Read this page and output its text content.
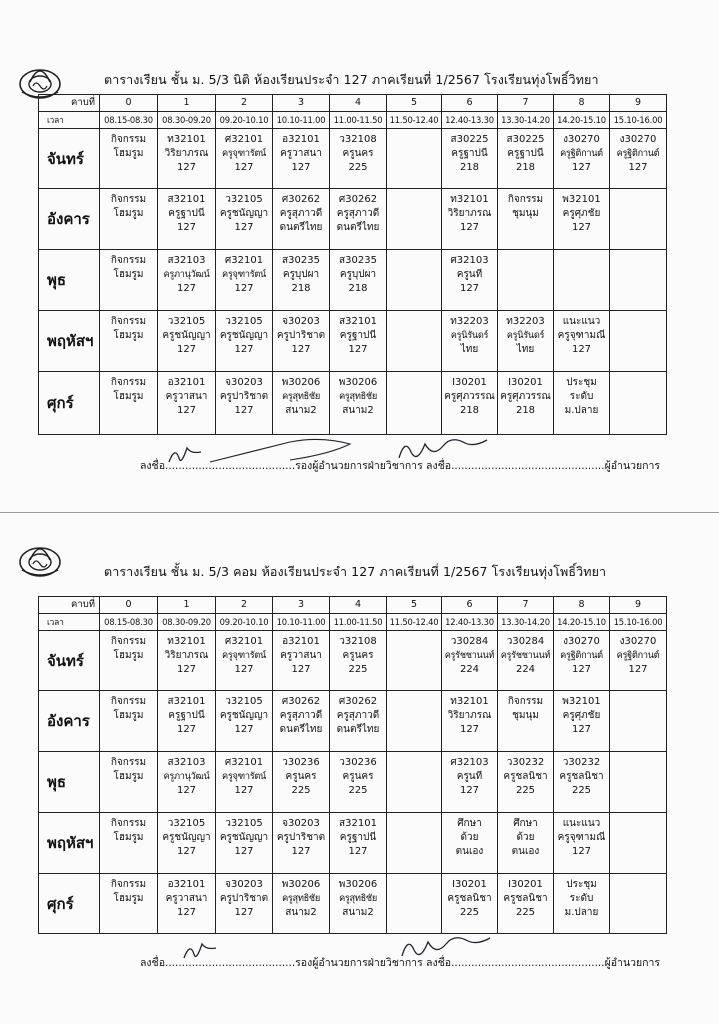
ตารางเรียน ชั้น ม. 5/3 นิติ ห้องเรียนประจำ 127 ภาคเรียนที่ 1/2567 โรงเรียนทุ่งโพธิ์วิทยา
คาบที่	0	1	2	3	4	5	6	7	8	9
เวลา	08.15-08.30	08.30-09.20	09.20-10.10	10.10-11.00	11.00-11.50	11.50-12.40	12.40-13.30	13.30-14.20	14.20-15.10	15.10-16.00
จันทร์	กิจกรรม
โฮมรูม	ท32101
วิริยาภรณ
127	ศ32101
ครูจุฑารัตน์
127	อ32101
ครูวาสนา
127	ว32108
ครูนคร
225		ส30225
ครูฐาปนี
218	ส30225
ครูฐาปนี
218	ง30270
ครูฐิติกานต์
127	ง30270
ครูฐิติกานต์
127

อังคาร	กิจกรรม
โฮมรูม	ส32101
ครูฐาปนี
127	ว32105
ครูชนัญญา
127	ศ30262
ครูสุภาวดี
ดนตรีไทย	ศ30262
ครูสุภาวดี
ดนตรีไทย		ท32101
วิริยาภรณ
127	กิจกรรม
ชุมนุม	พ32101
ครูศุภชัย
127	

พุธ	กิจกรรม
โฮมรูม	ส32103
ครูภานุวัฒน์
127	ศ32101
ครูจุฑารัตน์
127	ส30235
ครูบุปผา
218	ส30235
ครูบุปผา
218		ศ32103
ครูนที
127			

พฤหัสฯ	กิจกรรม
โฮมรูม	ว32105
ครูชนัญญา
127	ว32105
ครูชนัญญา
127	จ30203
ครูปาริชาต
127	ส32101
ครูฐาปนี
127		ท32203
ครูนิรันดร์
ไทย	ท32203
ครูนิรันดร์
ไทย	แนะแนว
ครูจุฑามณี
127	

ศุกร์	กิจกรรม
โฮมรูม	อ32101
ครูวาสนา
127	จ30203
ครูปาริชาต
127	พ30206
ครูสุทธิชัย
สนาม2	พ30206
ครูสุทธิชัย
สนาม2		I30201
ครูศุภวรรณ
218	I30201
ครูศุภวรรณ
218	ประชุม
ระดับ
ม.ปลาย	

ลงชื่อ.......................................รองผู้อำนวยการฝ่ายวิชาการ ลงชื่อ..............................................ผู้อำนวยการ
ตารางเรียน ชั้น ม. 5/3 คอม ห้องเรียนประจำ 127 ภาคเรียนที่ 1/2567 โรงเรียนทุ่งโพธิ์วิทยา
คาบที่	0	1	2	3	4	5	6	7	8	9
เวลา	08.15-08.30	08.30-09.20	09.20-10.10	10.10-11.00	11.00-11.50	11.50-12.40	12.40-13.30	13.30-14.20	14.20-15.10	15.10-16.00
จันทร์	กิจกรรม
โฮมรูม	ท32101
วิริยาภรณ
127	ศ32101
ครูจุฑารัตน์
127	อ32101
ครูวาสนา
127	ว32108
ครูนคร
225		ว30284
ครูรัชชานนท์
224	ว30284
ครูรัชชานนท์
224	ง30270
ครูฐิติกานต์
127	ง30270
ครูฐิติกานต์
127

อังคาร	กิจกรรม
โฮมรูม	ส32101
ครูฐาปนี
127	ว32105
ครูชนัญญา
127	ศ30262
ครูสุภาวดี
ดนตรีไทย	ศ30262
ครูสุภาวดี
ดนตรีไทย		ท32101
วิริยาภรณ
127	กิจกรรม
ชุมนุม	พ32101
ครูศุภชัย
127	

พุธ	กิจกรรม
โฮมรูม	ส32103
ครูภานุวัฒน์
127	ศ32101
ครูจุฑารัตน์
127	ว30236
ครูนคร
225	ว30236
ครูนคร
225		ศ32103
ครูนที
127	ว30232
ครูชลนิชา
225	ว30232
ครูชลนิชา
225	

พฤหัสฯ	กิจกรรม
โฮมรูม	ว32105
ครูชนัญญา
127	ว32105
ครูชนัญญา
127	จ30203
ครูปาริชาต
127	ส32101
ครูฐาปนี
127		ศึกษา
ด้วย
ตนเอง	ศึกษา
ด้วย
ตนเอง	แนะแนว
ครูจุฑามณี
127	

ศุกร์	กิจกรรม
โฮมรูม	อ32101
ครูวาสนา
127	จ30203
ครูปาริชาต
127	พ30206
ครูสุทธิชัย
สนาม2	พ30206
ครูสุทธิชัย
สนาม2		I30201
ครูชลนิชา
225	I30201
ครูชลนิชา
225	ประชุม
ระดับ
ม.ปลาย	

ลงชื่อ.......................................รองผู้อำนวยการฝ่ายวิชาการ ลงชื่อ..............................................ผู้อำนวยการ
